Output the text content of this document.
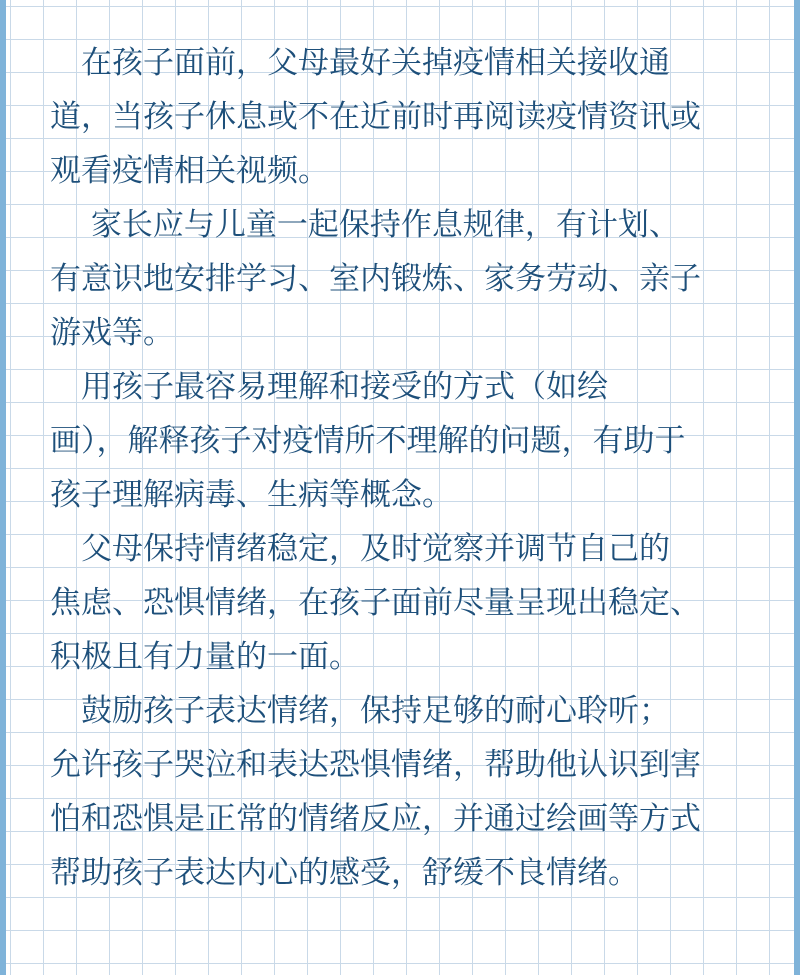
　在孩子面前，父母最好关掉疫情相关接收通
道，当孩子休息或不在近前时再阅读疫情资讯或
观看疫情相关视频。
　 家长应与儿童一起保持作息规律，有计划、
有意识地安排学习、室内锻炼、家务劳动、亲子
游戏等。
　用孩子最容易理解和接受的方式（如绘
画），解释孩子对疫情所不理解的问题，有助于
孩子理解病毒、生病等概念。
　父母保持情绪稳定，及时觉察并调节自己的
焦虑、恐惧情绪，在孩子面前尽量呈现出稳定、
积极且有力量的一面。
　鼓励孩子表达情绪，保持足够的耐心聆听；
允许孩子哭泣和表达恐惧情绪，帮助他认识到害
怕和恐惧是正常的情绪反应，并通过绘画等方式
帮助孩子表达内心的感受，舒缓不良情绪。
